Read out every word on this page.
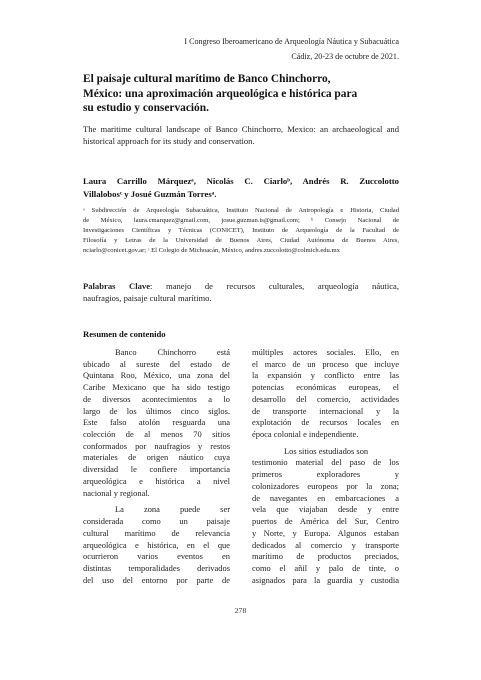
I Congreso Iberoamericano de Arqueología Náutica y Subacuática
Cádiz, 20-23 de octubre de 2021.
El paisaje cultural marítimo de Banco Chinchorro,
México: una aproximación arqueológica e histórica para
su estudio y conservación.
The maritime cultural landscape of Banco Chinchorro, Mexico: an archaeological and historical approach for its study and conservation.
Laura Carrillo Márquezᵃ, Nicolás C. Ciarloᵇ, Andrés R. Zuccolotto
Villalobosᶜ y Josué Guzmán Torresᵃ.
ᵃ Subdirección de Arqueología Subacuática, Instituto Nacional de Antropología e Historia, Ciudad
de México, laura.cmarquez@gmail.com, josue.guzman.ts@gmail.com; ᵇ Consejo Nacional de
Investigaciones Científicas y Técnicas (CONICET), Instituto de Arqueología de la Facultad de
Filosofía y Letras de la Universidad de Buenos Aires, Ciudad Autónoma de Buenos Aires,
nciarlo@conicet.gov.ar; ᶜ El Colegio de Michoacán, México, andres.zuccolotto@colmich.edu.mx
Palabras Clave: manejo de recursos culturales, arqueología náutica,
naufragios, paisaje cultural marítimo.
Resumen de contenido
Banco Chinchorro está
ubicado al sureste del estado de
Quintana Roo, México, una zona del
Caribe Mexicano que ha sido testigo
de diversos acontecimientos a lo
largo de los últimos cinco siglos.
Este falso atolón resguarda una
colección de al menos 70 sitios
conformados por naufragios y restos
materiales de origen náutico cuya
diversidad le confiere importancia
arqueológica e histórica a nivel
nacional y regional.
La zona puede ser
considerada como un paisaje
cultural marítimo de relevancia
arqueológica e histórica, en el que
ocurrieron varios eventos en
distintas temporalidades derivados
del uso del entorno por parte de
múltiples actores sociales. Ello, en
el marco de un proceso que incluye
la expansión y conflicto entre las
potencias económicas europeas, el
desarrollo del comercio, actividades
de transporte internacional y la
explotación de recursos locales en
época colonial e independiente.
Los sitios estudiados son
testimonio material del paso de los
primeros exploradores y
colonizadores europeos por la zona;
de navegantes en embarcaciones a
vela que viajaban desde y entre
puertos de América del Sur, Centro
y Norte, y Europa. Algunos estaban
dedicados al comercio y transporte
marítimo de productos preciados,
como el añil y palo de tinte, o
asignados para la guardia y custodia
278
